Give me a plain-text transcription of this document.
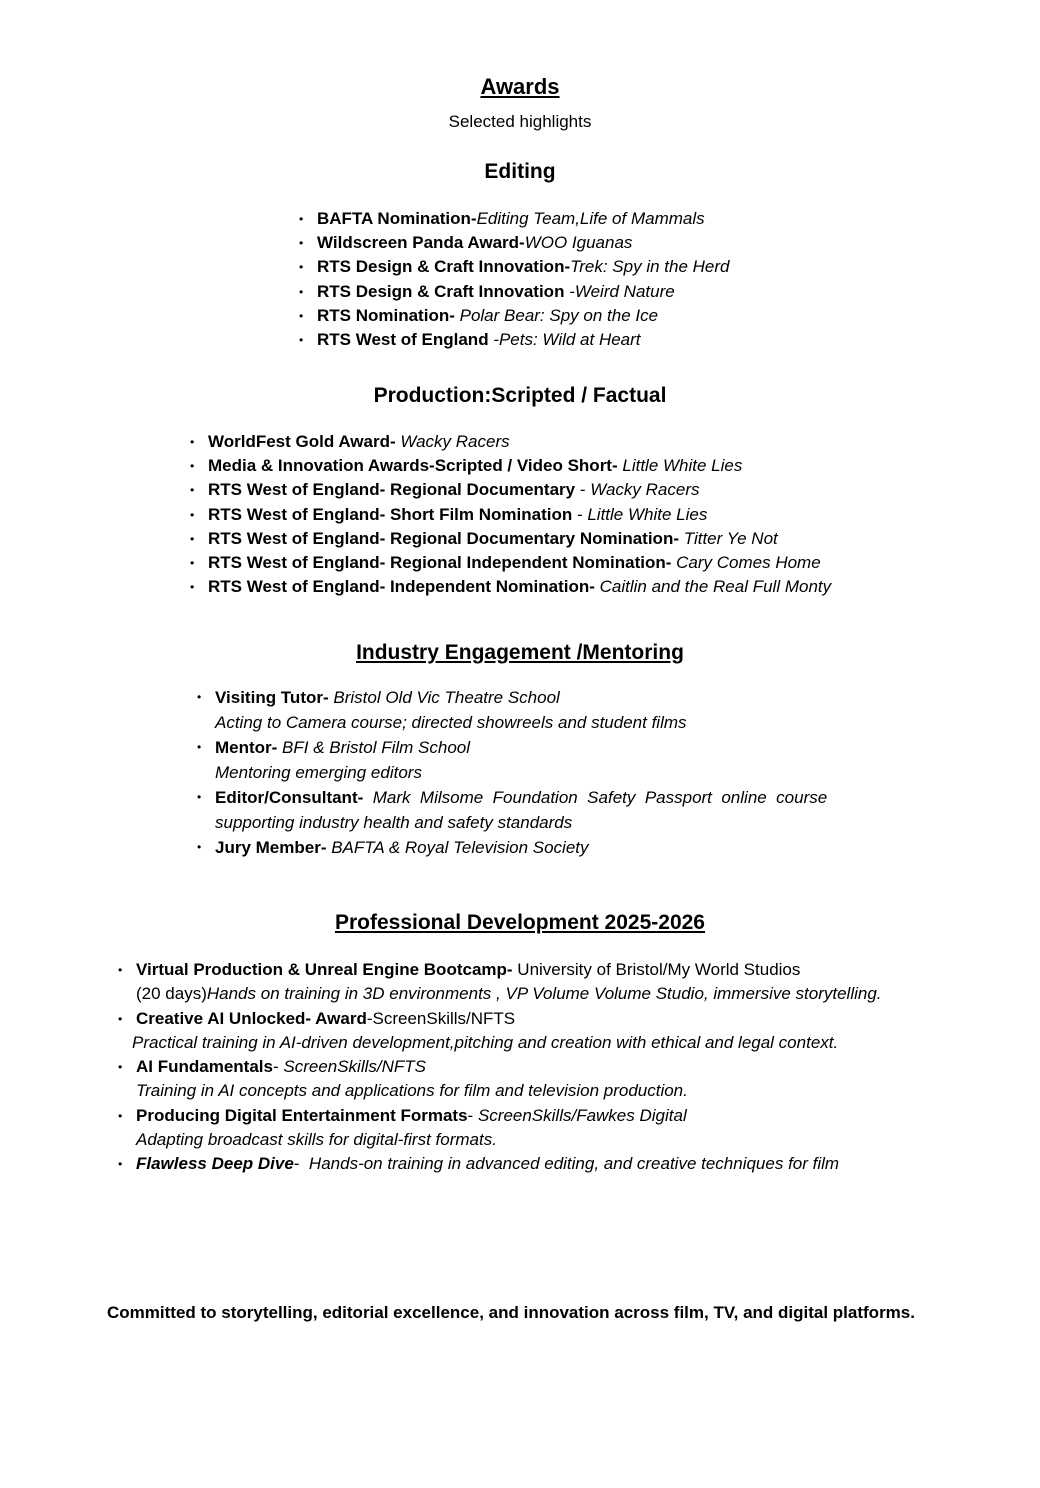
Awards
Selected highlights
Editing
• BAFTA Nomination-Editing Team,Life of Mammals
• Wildscreen Panda Award-WOO Iguanas
• RTS Design & Craft Innovation-Trek: Spy in the Herd
• RTS Design & Craft Innovation -Weird Nature
• RTS Nomination- Polar Bear: Spy on the Ice
• RTS West of England -Pets: Wild at Heart
Production:Scripted / Factual
• WorldFest Gold Award- Wacky Racers
• Media & Innovation Awards-Scripted / Video Short- Little White Lies
• RTS West of England- Regional Documentary - Wacky Racers
• RTS West of England- Short Film Nomination - Little White Lies
• RTS West of England- Regional Documentary Nomination- Titter Ye Not
• RTS West of England- Regional Independent Nomination- Cary Comes Home
• RTS West of England- Independent Nomination- Caitlin and the Real Full Monty
Industry Engagement /Mentoring
• Visiting Tutor- Bristol Old Vic Theatre School
Acting to Camera course; directed showreels and student films
• Mentor- BFI & Bristol Film School
Mentoring emerging editors
• Editor/Consultant-  Mark  Milsome  Foundation  Safety  Passport  online  course
supporting industry health and safety standards
• Jury Member- BAFTA & Royal Television Society
Professional Development 2025-2026
• Virtual Production & Unreal Engine Bootcamp- University of Bristol/My World Studios
(20 days)Hands on training in 3D environments , VP Volume Volume Studio, immersive storytelling.
• Creative AI Unlocked- Award-ScreenSkills/NFTS
Practical training in AI-driven development,pitching and creation with ethical and legal context.
• AI Fundamentals- ScreenSkills/NFTS
Training in AI concepts and applications for film and television production.
• Producing Digital Entertainment Formats- ScreenSkills/Fawkes Digital
Adapting broadcast skills for digital-first formats.
• Flawless Deep Dive-  Hands-on training in advanced editing, and creative techniques for film
Committed to storytelling, editorial excellence, and innovation across film, TV, and digital platforms.
